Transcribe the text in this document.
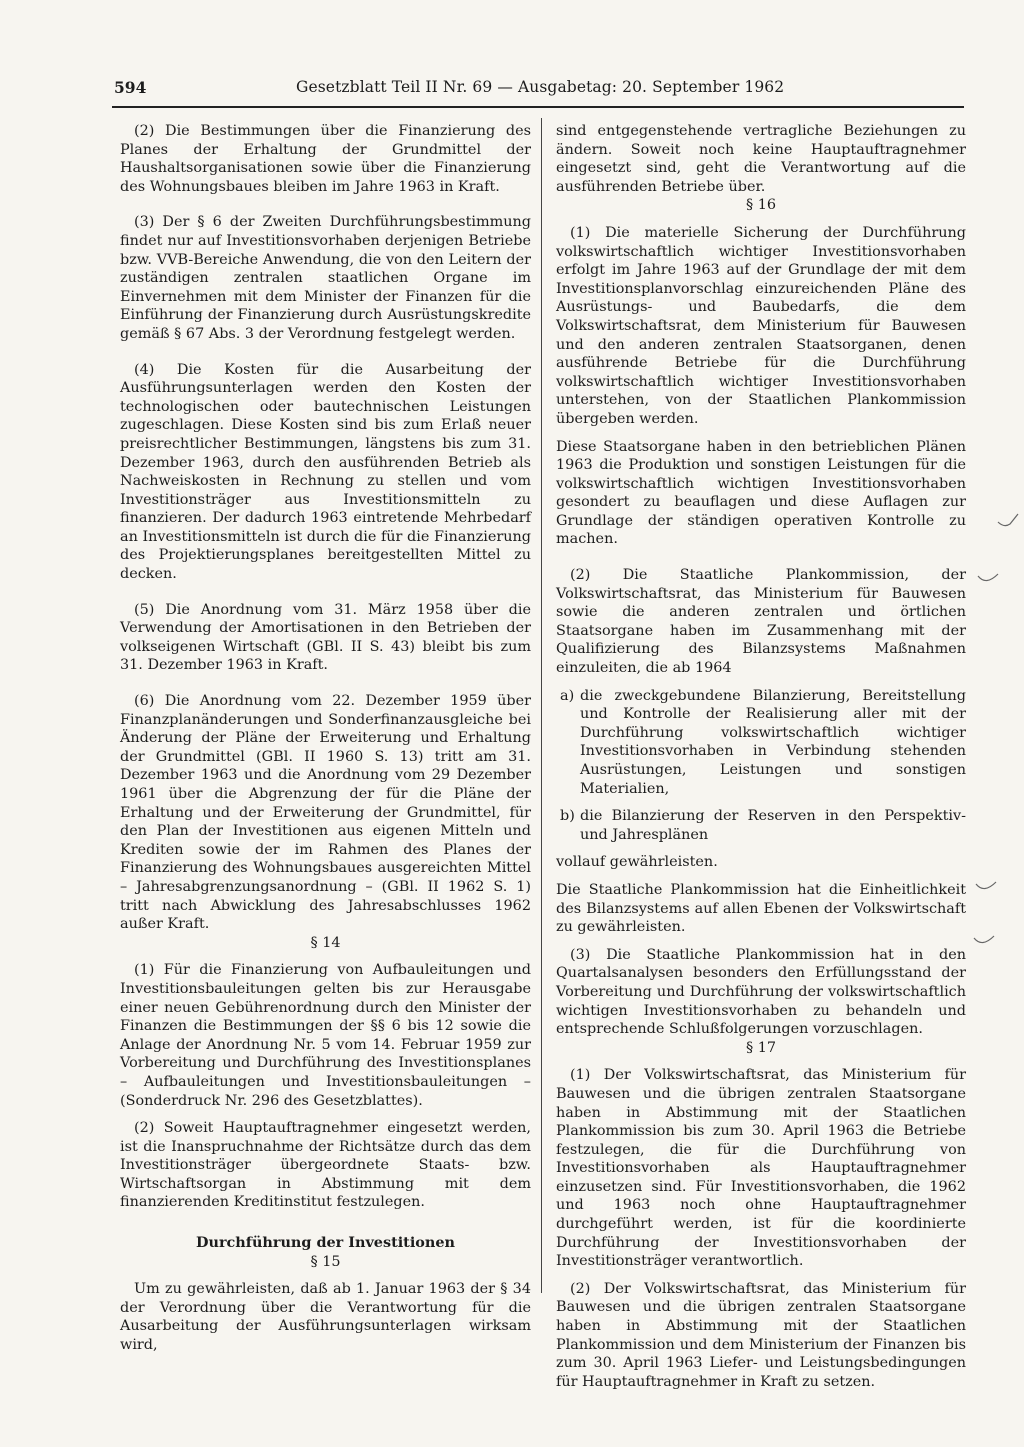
594	Gesetzblatt Teil II Nr. 69 — Ausgabetag: 20. September 1962

(2) Die Bestimmungen über die Finanzierung des Planes der Erhaltung der Grundmittel der Haushaltsorganisationen sowie über die Finanzierung des Wohnungsbaues bleiben im Jahre 1963 in Kraft.

(3) Der § 6 der Zweiten Durchführungsbestimmung findet nur auf Investitionsvorhaben derjenigen Betriebe bzw. VVB-Bereiche Anwendung, die von den Leitern der zuständigen zentralen staatlichen Organe im Einvernehmen mit dem Minister der Finanzen für die Einführung der Finanzierung durch Ausrüstungskredite gemäß § 67 Abs. 3 der Verordnung festgelegt werden.

(4) Die Kosten für die Ausarbeitung der Ausführungsunterlagen werden den Kosten der technologischen oder bautechnischen Leistungen zugeschlagen. Diese Kosten sind bis zum Erlaß neuer preisrechtlicher Bestimmungen, längstens bis zum 31. Dezember 1963, durch den ausführenden Betrieb als Nachweiskosten in Rechnung zu stellen und vom Investitionsträger aus Investitionsmitteln zu finanzieren. Der dadurch 1963 eintretende Mehrbedarf an Investitionsmitteln ist durch die für die Finanzierung des Projektierungsplanes bereitgestellten Mittel zu decken.

(5) Die Anordnung vom 31. März 1958 über die Verwendung der Amortisationen in den Betrieben der volkseigenen Wirtschaft (GBl. II S. 43) bleibt bis zum 31. Dezember 1963 in Kraft.

(6) Die Anordnung vom 22. Dezember 1959 über Finanzplanänderungen und Sonderfinanzausgleiche bei Änderung der Pläne der Erweiterung und Erhaltung der Grundmittel (GBl. II 1960 S. 13) tritt am 31. Dezember 1963 und die Anordnung vom 29 Dezember 1961 über die Abgrenzung der für die Pläne der Erhaltung und der Erweiterung der Grundmittel, für den Plan der Investitionen aus eigenen Mitteln und Krediten sowie der im Rahmen des Planes der Finanzierung des Wohnungsbaues ausgereichten Mittel – Jahresabgrenzungsanordnung – (GBl. II 1962 S. 1) tritt nach Abwicklung des Jahresabschlusses 1962 außer Kraft.

§ 14

(1) Für die Finanzierung von Aufbauleitungen und Investitionsbauleitungen gelten bis zur Herausgabe einer neuen Gebührenordnung durch den Minister der Finanzen die Bestimmungen der §§ 6 bis 12 sowie die Anlage der Anordnung Nr. 5 vom 14. Februar 1959 zur Vorbereitung und Durchführung des Investitionsplanes – Aufbauleitungen und Investitionsbauleitungen – (Sonderdruck Nr. 296 des Gesetzblattes).

(2) Soweit Hauptauftragnehmer eingesetzt werden, ist die Inanspruchnahme der Richtsätze durch das dem Investitionsträger übergeordnete Staats- bzw. Wirtschaftsorgan in Abstimmung mit dem finanzierenden Kreditinstitut festzulegen.

Durchführung der Investitionen

§ 15

Um zu gewährleisten, daß ab 1. Januar 1963 der § 34 der Verordnung über die Verantwortung für die Ausarbeitung der Ausführungsunterlagen wirksam wird,

sind entgegenstehende vertragliche Beziehungen zu ändern. Soweit noch keine Hauptauftragnehmer eingesetzt sind, geht die Verantwortung auf die ausführenden Betriebe über.

§ 16

(1) Die materielle Sicherung der Durchführung volkswirtschaftlich wichtiger Investitionsvorhaben erfolgt im Jahre 1963 auf der Grundlage der mit dem Investitionsplanvorschlag einzureichenden Pläne des Ausrüstungs- und Baubedarfs, die dem Volkswirtschaftsrat, dem Ministerium für Bauwesen und den anderen zentralen Staatsorganen, denen ausführende Betriebe für die Durchführung volkswirtschaftlich wichtiger Investitionsvorhaben unterstehen, von der Staatlichen Plankommission übergeben werden.

Diese Staatsorgane haben in den betrieblichen Plänen 1963 die Produktion und sonstigen Leistungen für die volkswirtschaftlich wichtigen Investitionsvorhaben gesondert zu beauflagen und diese Auflagen zur Grundlage der ständigen operativen Kontrolle zu machen.

(2) Die Staatliche Plankommission, der Volkswirtschaftsrat, das Ministerium für Bauwesen sowie die anderen zentralen und örtlichen Staatsorgane haben im Zusammenhang mit der Qualifizierung des Bilanzsystems Maßnahmen einzuleiten, die ab 1964

a) die zweckgebundene Bilanzierung, Bereitstellung und Kontrolle der Realisierung aller mit der Durchführung volkswirtschaftlich wichtiger Investitionsvorhaben in Verbindung stehenden Ausrüstungen, Leistungen und sonstigen Materialien,

b) die Bilanzierung der Reserven in den Perspektiv- und Jahresplänen

vollauf gewährleisten.

Die Staatliche Plankommission hat die Einheitlichkeit des Bilanzsystems auf allen Ebenen der Volkswirtschaft zu gewährleisten.

(3) Die Staatliche Plankommission hat in den Quartalsanalysen besonders den Erfüllungsstand der Vorbereitung und Durchführung der volkswirtschaftlich wichtigen Investitionsvorhaben zu behandeln und entsprechende Schlußfolgerungen vorzuschlagen.

§ 17

(1) Der Volkswirtschaftsrat, das Ministerium für Bauwesen und die übrigen zentralen Staatsorgane haben in Abstimmung mit der Staatlichen Plankommission bis zum 30. April 1963 die Betriebe festzulegen, die für die Durchführung von Investitionsvorhaben als Hauptauftragnehmer einzusetzen sind. Für Investitionsvorhaben, die 1962 und 1963 noch ohne Hauptauftragnehmer durchgeführt werden, ist für die koordinierte Durchführung der Investitionsvorhaben der Investitionsträger verantwortlich.

(2) Der Volkswirtschaftsrat, das Ministerium für Bauwesen und die übrigen zentralen Staatsorgane haben in Abstimmung mit der Staatlichen Plankommission und dem Ministerium der Finanzen bis zum 30. April 1963 Liefer- und Leistungsbedingungen für Hauptauftragnehmer in Kraft zu setzen.
